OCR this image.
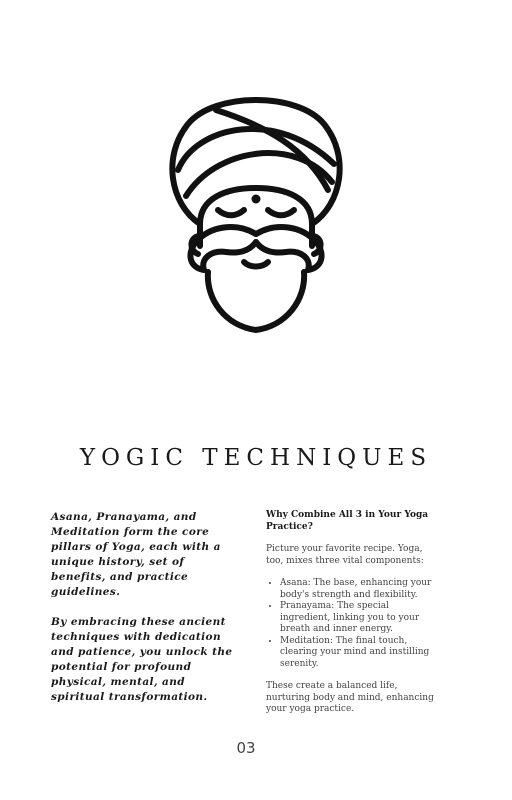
YOGIC TECHNIQUES

Asana, Pranayama, and Meditation form the core pillars of Yoga, each with a unique history, set of benefits, and practice guidelines.

By embracing these ancient techniques with dedication and patience, you unlock the potential for profound physical, mental, and spiritual transformation.

Why Combine All 3 in Your Yoga Practice?

Picture your favorite recipe. Yoga, too, mixes three vital components:

• Asana: The base, enhancing your body's strength and flexibility.
• Pranayama: The special ingredient, linking you to your breath and inner energy.
• Meditation: The final touch, clearing your mind and instilling serenity.

These create a balanced life, nurturing body and mind, enhancing your yoga practice.

03
